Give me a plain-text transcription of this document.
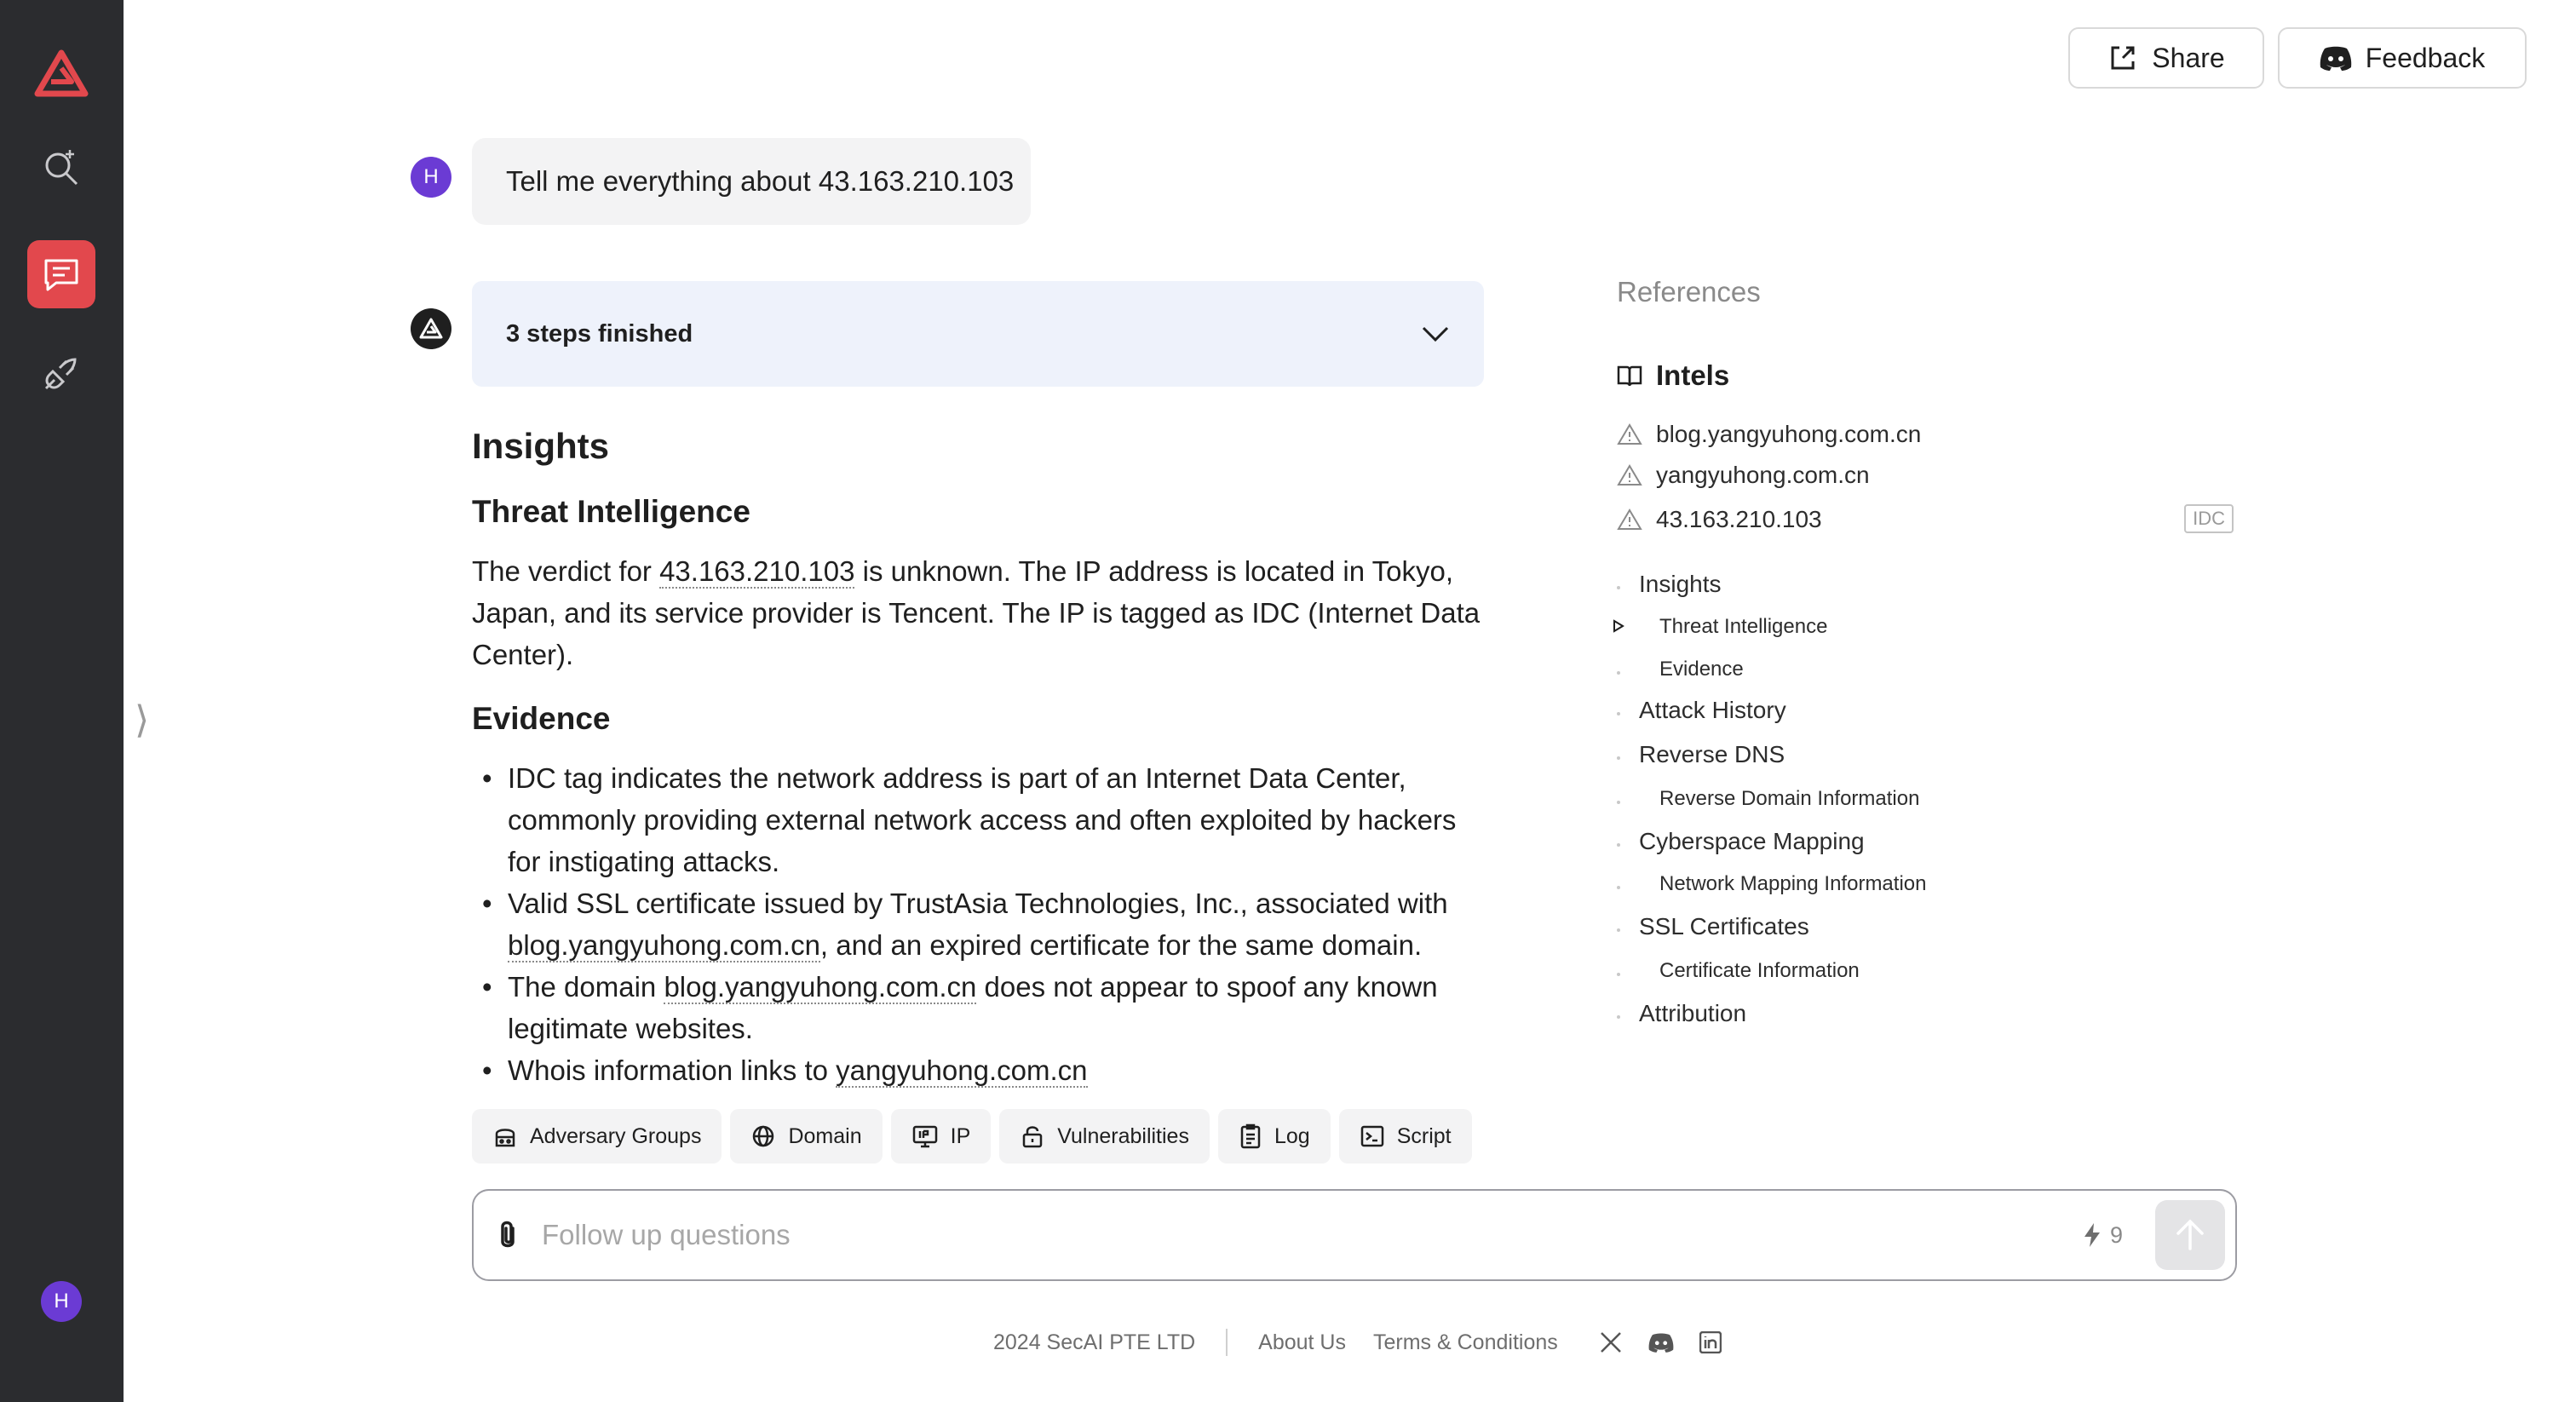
H
⟩
Share	Feedback
H Tell me everything about 43.163.210.103
3 steps finished
Insights
Threat Intelligence

The verdict for 43.163.210.103 is unknown. The IP address is located in Tokyo, Japan, and its service provider is Tencent. The IP is tagged as IDC (Internet Data Center).

Evidence
• IDC tag indicates the network address is part of an Internet Data Center, commonly providing external network access and often exploited by hackers for instigating attacks.
• Valid SSL certificate issued by TrustAsia Technologies, Inc., associated with blog.yangyuhong.com.cn, and an expired certificate for the same domain.
• The domain blog.yangyuhong.com.cn does not appear to spoof any known legitimate websites.
• Whois information links to yangyuhong.com.cn
Adversary Groups	Domain	IP	Vulnerabilities	Log	Script
Follow up questions
9
2024 SecAI PTE LTD	About Us Terms & Conditions
References
Intels
blog.yangyuhong.com.cn
yangyuhong.com.cn
43.163.210.103	IDC
Insights
Threat Intelligence
Evidence
Attack History
Reverse DNS
Reverse Domain Information
Cyberspace Mapping
Network Mapping Information
SSL Certificates
Certificate Information
Attribution
